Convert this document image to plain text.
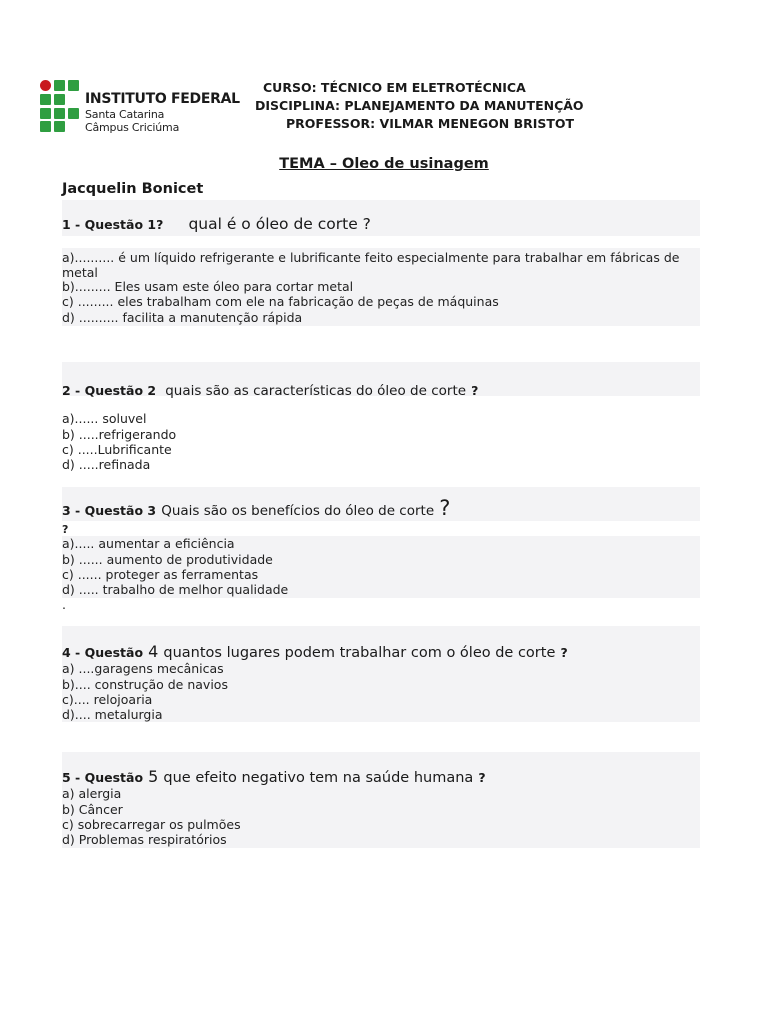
INSTITUTO FEDERAL
Santa Catarina
Câmpus Criciúma
CURSO: TÉCNICO EM ELETROTÉCNICA
DISCIPLINA: PLANEJAMENTO DA MANUTENÇÃO
PROFESSOR: VILMAR MENEGON BRISTOT
TEMA – Oleo de usinagem
Jacquelin Bonicet
1 - Questão 1? qual é o óleo de corte ?
a).......... é um líquido refrigerante e lubrificante feito especialmente para trabalhar em fábricas de metal
b)......... Eles usam este óleo para cortar metal
c) ......... eles trabalham com ele na fabricação de peças de máquinas
d) .......... facilita a manutenção rápida
2 - Questão 2 quais são as características do óleo de corte ?
a)...... soluvel
b) .....refrigerando
c) .....Lubrificante
d) .....refinada
3 - Questão 3 Quais são os benefícios do óleo de corte ?
?
a)..... aumentar a eficiência
b) ...... aumento de produtividade
c) ...... proteger as ferramentas
d) ..... trabalho de melhor qualidade
.
4 - Questão 4 quantos lugares podem trabalhar com o óleo de corte ?
a) ....garagens mecânicas
b).... construção de navios
c).... relojoaria
d).... metalurgia
5 - Questão 5 que efeito negativo tem na saúde humana ?
a) alergia
b) Câncer
c) sobrecarregar os pulmões
d) Problemas respiratórios
